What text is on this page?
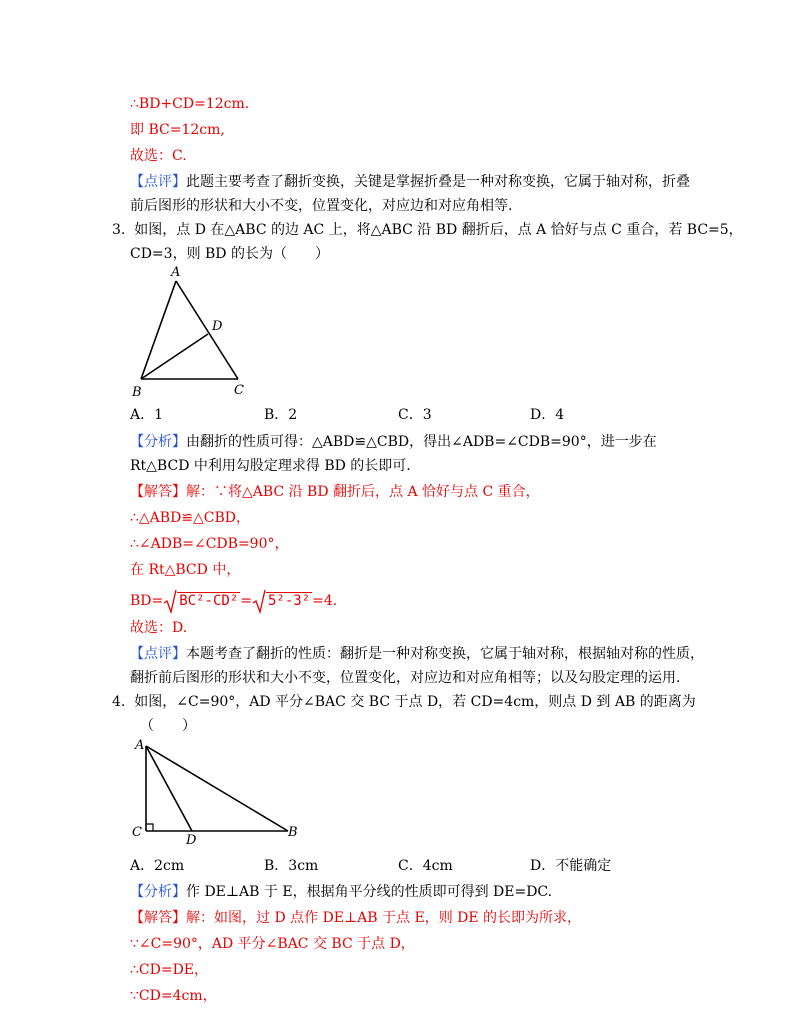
∴BD+CD=12cm.
即 BC=12cm,
故选：C.
【点评】此题主要考查了翻折变换，关键是掌握折叠是一种对称变换，它属于轴对称，折叠
前后图形的形状和大小不变，位置变化，对应边和对应角相等.
3. 如图，点 D 在△ABC 的边 AC 上，将△ABC 沿 BD 翻折后，点 A 恰好与点 C 重合，若 BC=5，
CD=3，则 BD 的长为（　　）
A
B	C
D
A．1	B．2	C．3	D．4
【分析】由翻折的性质可得：△ABD≌△CBD，得出∠ADB=∠CDB=90°，进一步在
Rt△BCD 中利用勾股定理求得 BD 的长即可.
【解答】解：∵将△ABC 沿 BD 翻折后，点 A 恰好与点 C 重合，
∴△ABD≌△CBD，
∴∠ADB=∠CDB=90°，
在 Rt△BCD 中，
BD= BC²-CD² = 5²-3² =4.
故选：D.
【点评】本题考查了翻折的性质：翻折是一种对称变换，它属于轴对称，根据轴对称的性质，
翻折前后图形的形状和大小不变，位置变化，对应边和对应角相等；以及勾股定理的运用.
4. 如图，∠C=90°，AD 平分∠BAC 交 BC 于点 D，若 CD=4cm，则点 D 到 AB 的距离为
（　　）
A
C
D
B
A．2cm	B．3cm	C．4cm	D．不能确定
【分析】作 DE⊥AB 于 E，根据角平分线的性质即可得到 DE=DC.
【解答】解：如图，过 D 点作 DE⊥AB 于点 E，则 DE 的长即为所求，
∵∠C=90°，AD 平分∠BAC 交 BC 于点 D，
∴CD=DE，
∵CD=4cm，
